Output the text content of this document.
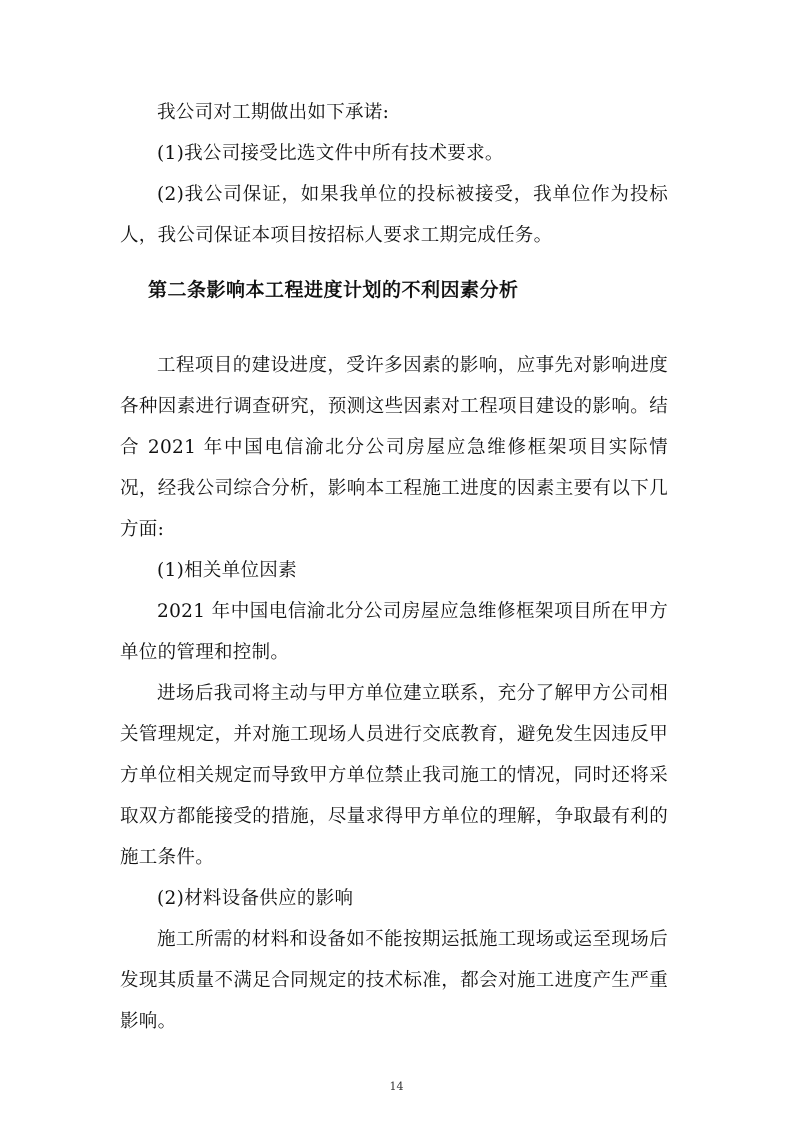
我公司对工期做出如下承诺:

(1)我公司接受比选文件中所有技术要求。

(2)我公司保证，如果我单位的投标被接受，我单位作为投标人，我公司保证本项目按招标人要求工期完成任务。

第二条影响本工程进度计划的不利因素分析

工程项目的建设进度，受许多因素的影响，应事先对影响进度各种因素进行调查研究，预测这些因素对工程项目建设的影响。结合 2021 年中国电信渝北分公司房屋应急维修框架项目实际情况，经我公司综合分析，影响本工程施工进度的因素主要有以下几方面:

(1)相关单位因素

2021 年中国电信渝北分公司房屋应急维修框架项目所在甲方单位的管理和控制。

进场后我司将主动与甲方单位建立联系，充分了解甲方公司相关管理规定，并对施工现场人员进行交底教育，避免发生因违反甲方单位相关规定而导致甲方单位禁止我司施工的情况，同时还将采取双方都能接受的措施，尽量求得甲方单位的理解，争取最有利的施工条件。

(2)材料设备供应的影响

施工所需的材料和设备如不能按期运抵施工现场或运至现场后发现其质量不满足合同规定的技术标准，都会对施工进度产生严重影响。

14
